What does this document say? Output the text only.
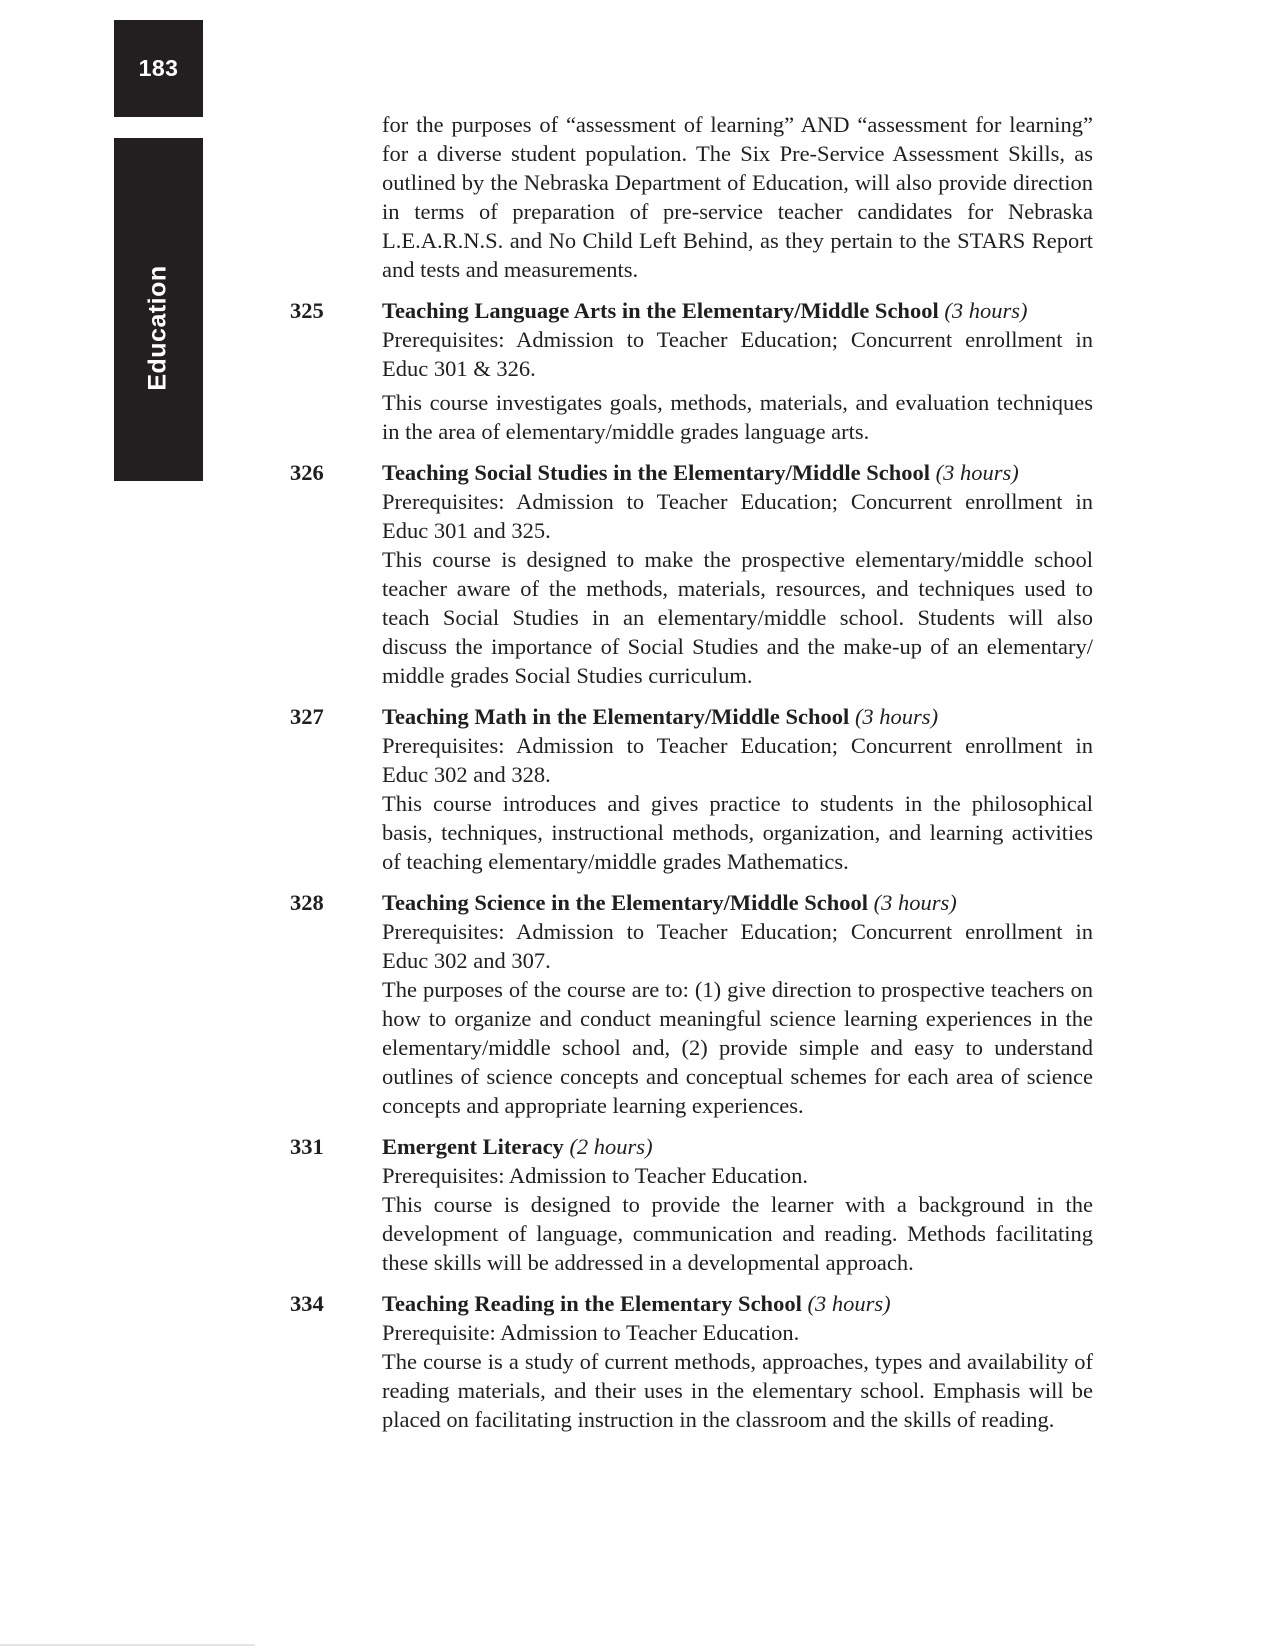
183
Education

for the purposes of “assessment of learning” AND “assessment for learning” for a diverse student population. The Six Pre-Service Assessment Skills, as outlined by the Nebraska Department of Education, will also provide direction in terms of preparation of pre-service teacher candidates for Nebraska L.E.A.R.N.S. and No Child Left Behind, as they pertain to the STARS Report and tests and measurements.

325	Teaching Language Arts in the Elementary/Middle School (3 hours)
Prerequisites: Admission to Teacher Education; Concurrent enrollment in Educ 301 & 326.
This course investigates goals, methods, materials, and evaluation techniques in the area of elementary/middle grades language arts.
326	Teaching Social Studies in the Elementary/Middle School (3 hours)
Prerequisites: Admission to Teacher Education; Concurrent enrollment in Educ 301 and 325.
This course is designed to make the prospective elementary/middle school teacher aware of the methods, materials, resources, and techniques used to teach Social Studies in an elementary/middle school. Students will also discuss the importance of Social Studies and the make-up of an elementary/ middle grades Social Studies curriculum.
327	Teaching Math in the Elementary/Middle School (3 hours)
Prerequisites: Admission to Teacher Education; Concurrent enrollment in Educ 302 and 328.
This course introduces and gives practice to students in the philosophical basis, techniques, instructional methods, organization, and learning activities of teaching elementary/middle grades Mathematics.
328	Teaching Science in the Elementary/Middle School (3 hours)
Prerequisites: Admission to Teacher Education; Concurrent enrollment in Educ 302 and 307.
The purposes of the course are to: (1) give direction to prospective teachers on how to organize and conduct meaningful science learning experiences in the elementary/middle school and, (2) provide simple and easy to understand outlines of science concepts and conceptual schemes for each area of science concepts and appropriate learning experiences.
331	Emergent Literacy (2 hours)
Prerequisites: Admission to Teacher Education.
This course is designed to provide the learner with a background in the development of language, communication and reading. Methods facilitating these skills will be addressed in a developmental approach.
334	Teaching Reading in the Elementary School (3 hours)
Prerequisite: Admission to Teacher Education.
The course is a study of current methods, approaches, types and availability of reading materials, and their uses in the elementary school. Emphasis will be placed on facilitating instruction in the classroom and the skills of reading.
